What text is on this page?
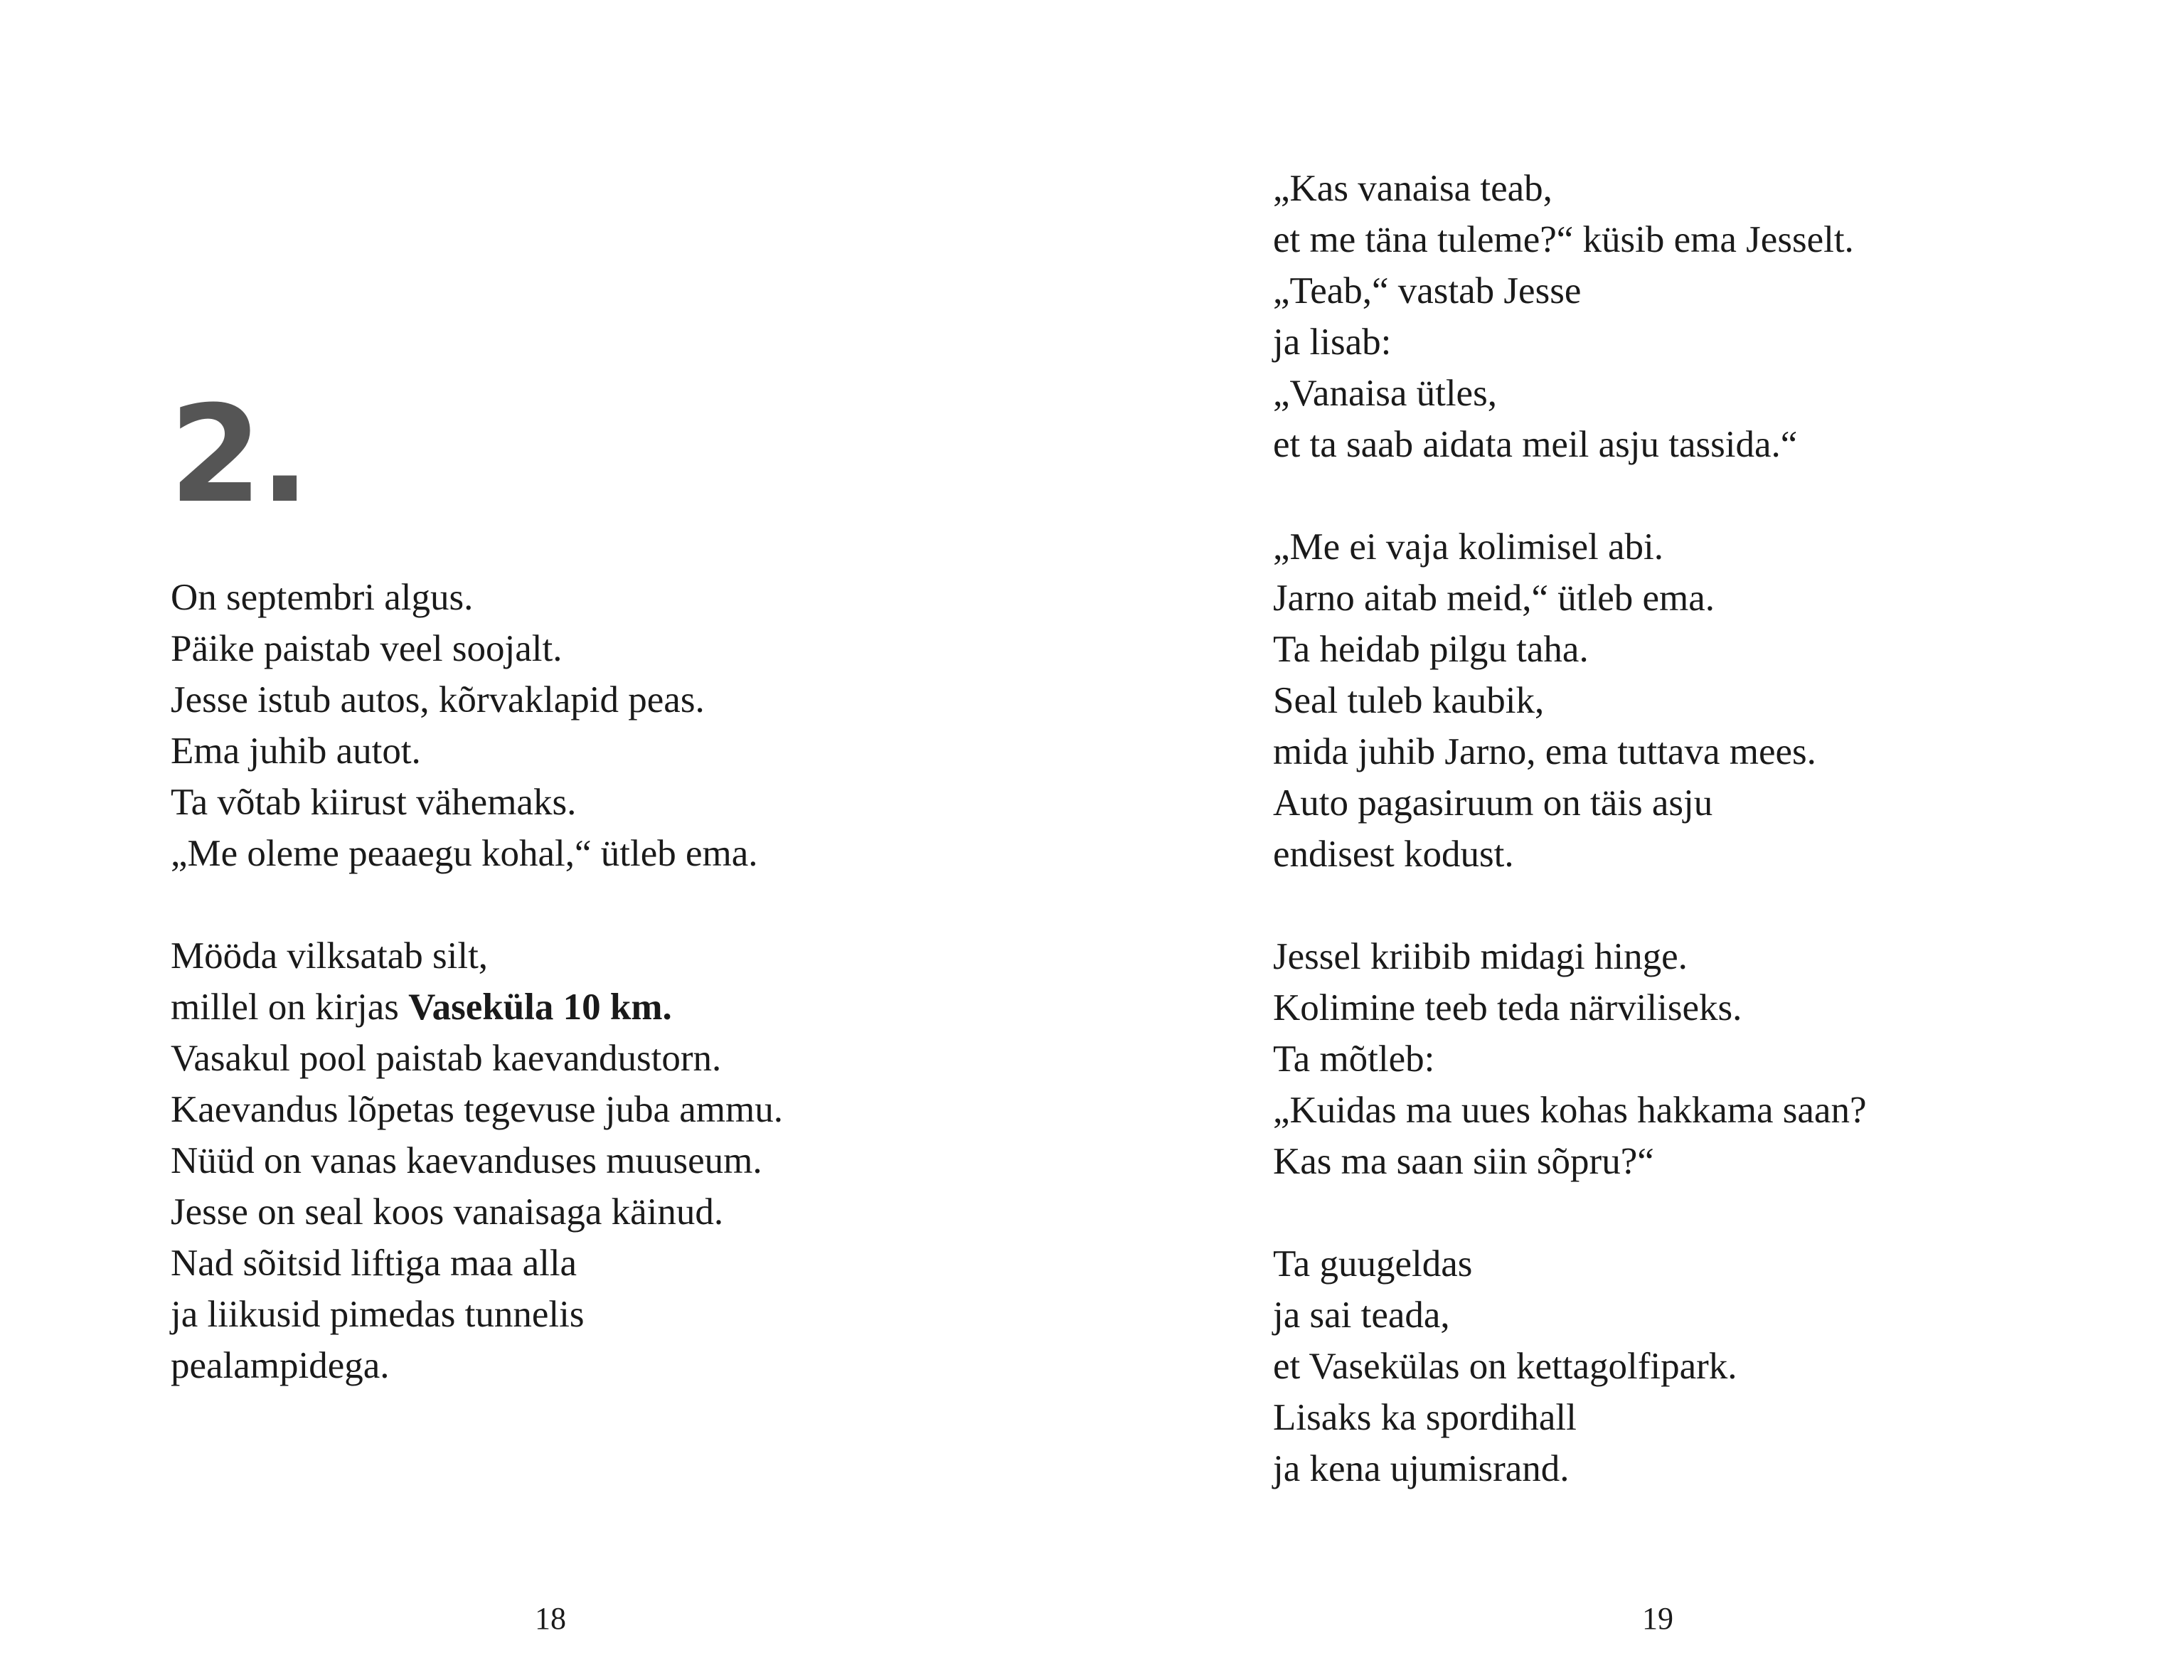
2.
On septembri algus.
Päike paistab veel soojalt.
Jesse istub autos, kõrvaklapid peas.
Ema juhib autot.
Ta võtab kiirust vähemaks.
„Me oleme peaaegu kohal,“ ütleb ema.
Mööda vilksatab silt,
millel on kirjas Vaseküla 10 km.
Vasakul pool paistab kaevandustorn.
Kaevandus lõpetas tegevuse juba ammu.
Nüüd on vanas kaevanduses muuseum.
Jesse on seal koos vanaisaga käinud.
Nad sõitsid liftiga maa alla
ja liikusid pimedas tunnelis
pealampidega.
18
„Kas vanaisa teab,
et me täna tuleme?“ küsib ema Jesselt.
„Teab,“ vastab Jesse
ja lisab:
„Vanaisa ütles,
et ta saab aidata meil asju tassida.“
„Me ei vaja kolimisel abi.
Jarno aitab meid,“ ütleb ema.
Ta heidab pilgu taha.
Seal tuleb kaubik,
mida juhib Jarno, ema tuttava mees.
Auto pagasiruum on täis asju
endisest kodust.
Jessel kriibib midagi hinge.
Kolimine teeb teda närviliseks.
Ta mõtleb:
„Kuidas ma uues kohas hakkama saan?
Kas ma saan siin sõpru?“
Ta guugeldas
ja sai teada,
et Vasekülas on kettagolfipark.
Lisaks ka spordihall
ja kena ujumisrand.
19
